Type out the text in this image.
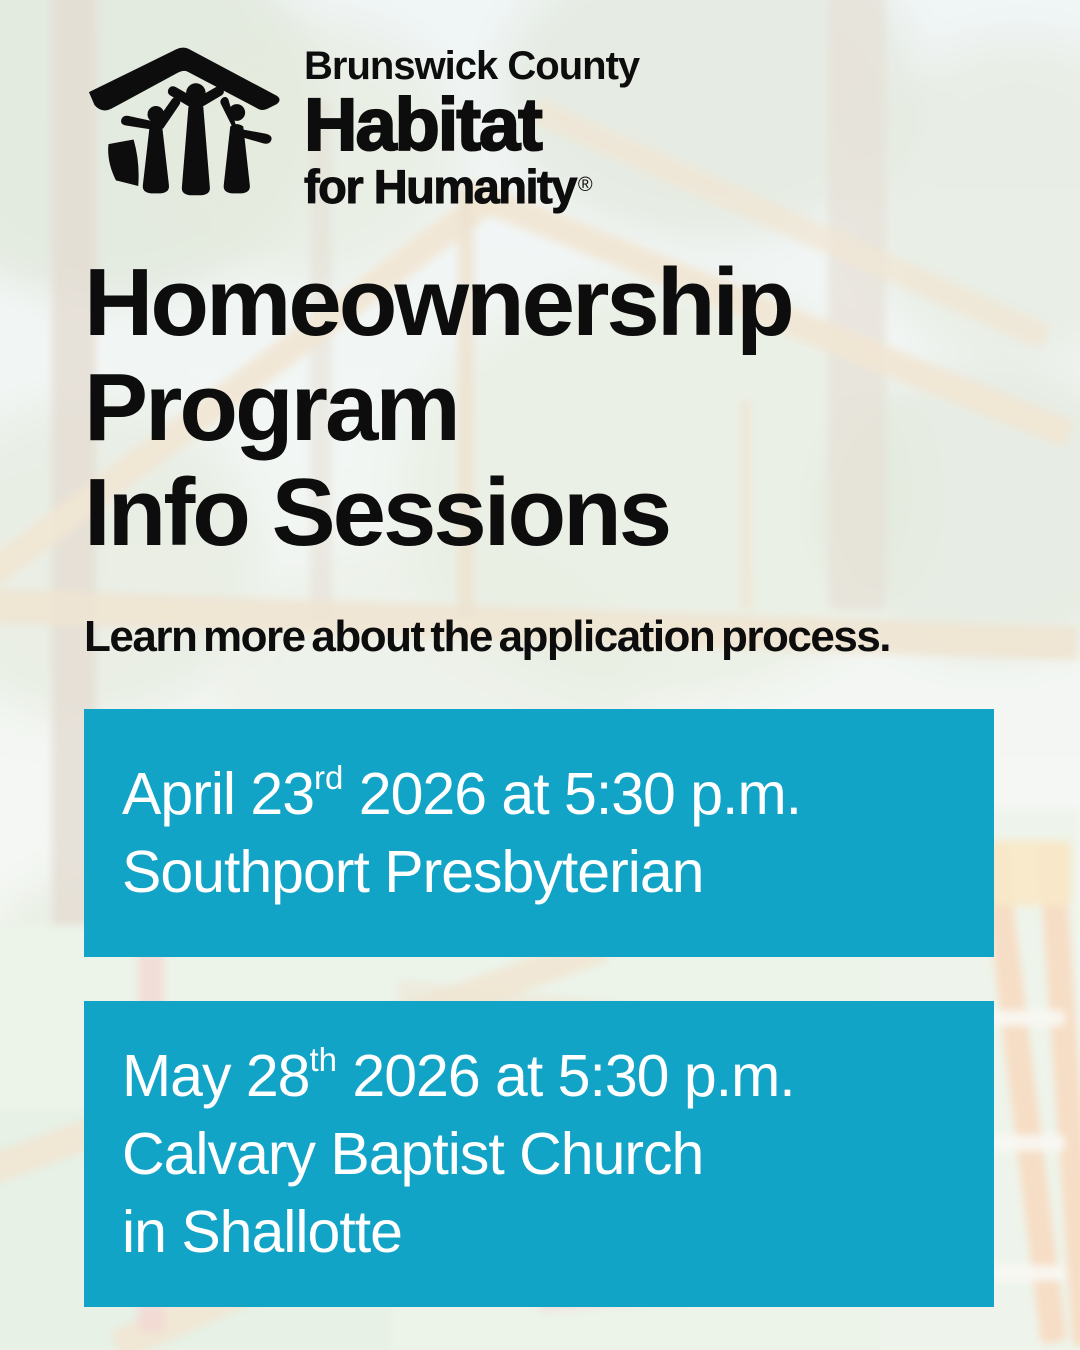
Brunswick County
Habitat
for Humanity ®
Homeownership
Program
Info Sessions
Learn more about the application process.
April 23rd 2026 at 5:30 p.m.
Southport Presbyterian
May 28th 2026 at 5:30 p.m.
Calvary Baptist Church
in Shallotte
